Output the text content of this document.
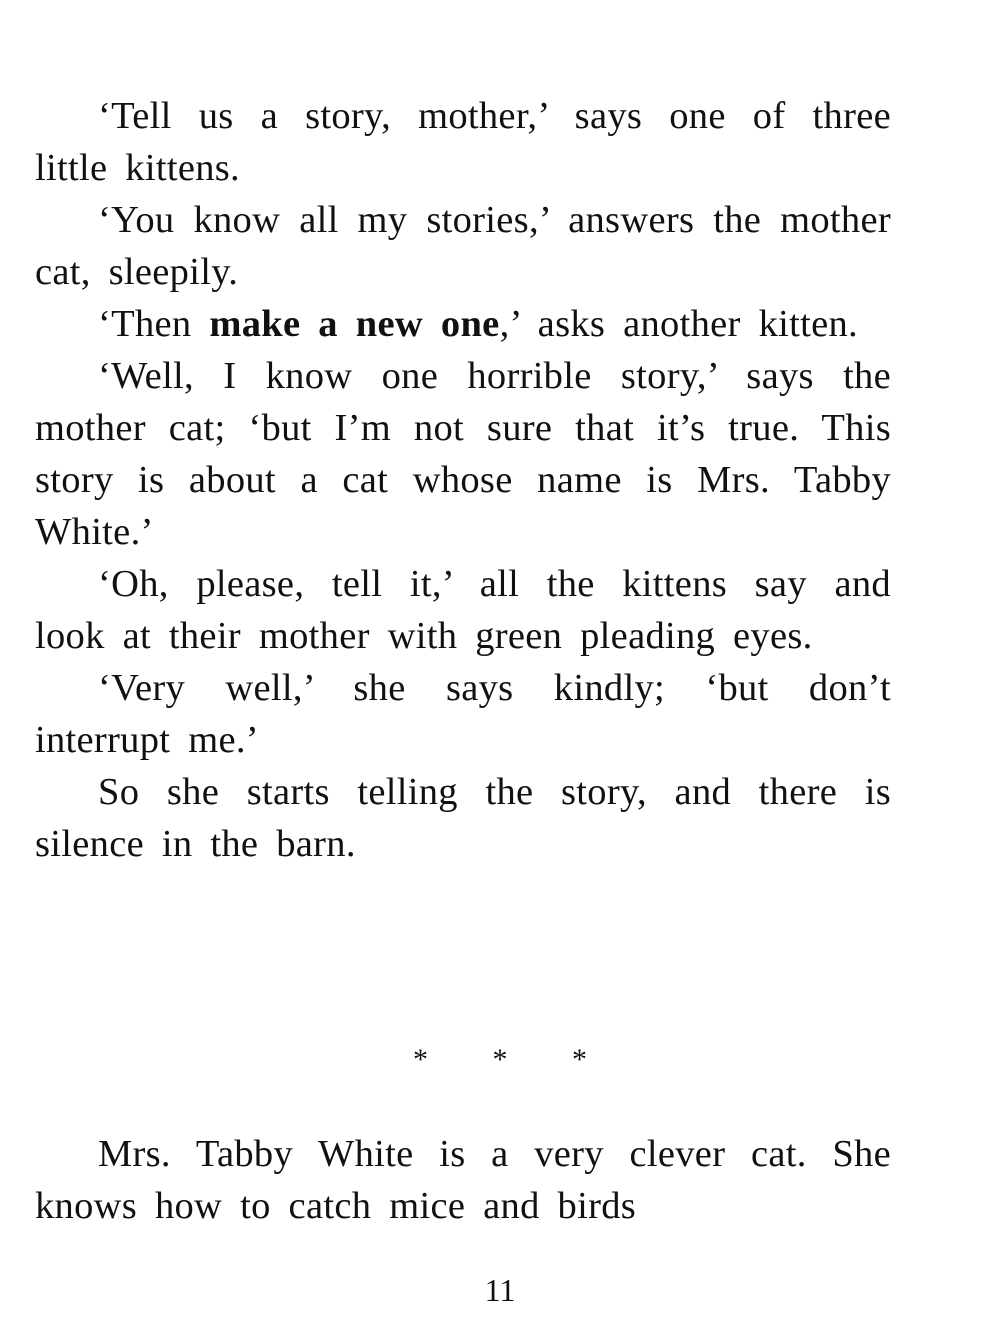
‘Tell us a story, mother,’ says one of three little kittens.

‘You know all my stories,’ answers the mother cat, sleepily.

‘Then make a new one,’ asks another kitten.

‘Well, I know one horrible story,’ says the mother cat; ‘but I’m not sure that it’s true. This story is about a cat whose name is Mrs. Tabby White.’

‘Oh, please, tell it,’ all the kittens say and look at their mother with green pleading eyes.

‘Very well,’ she says kindly; ‘but don’t interrupt me.’

So she starts telling the story, and there is silence in the barn.

* * *

Mrs. Tabby White is a very clever cat. She knows how to catch mice and birds

11
